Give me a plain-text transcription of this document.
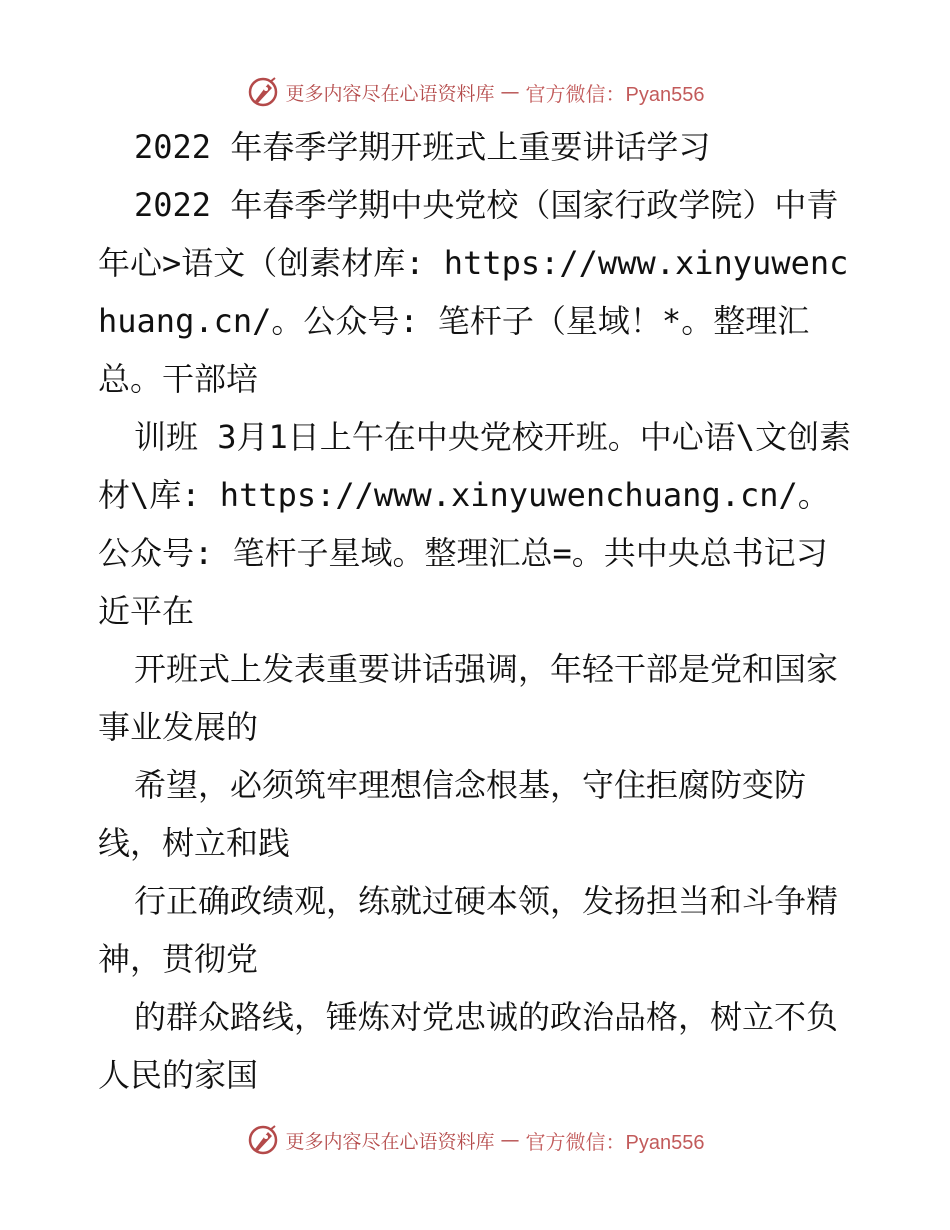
更多内容尽在心语资料库 — 官方微信：Pyan556

2022 年春季学期开班式上重要讲话学习

2022 年春季学期中央党校（国家行政学院）中青年心>语文（创素材库: https://www.xinyuwenchuang.cn/。公众号: 笔杆子（星域！*。整理汇总。干部培

训班 3月1日上午在中央党校开班。中心语\文创素材\库: https://www.xinyuwenchuang.cn/。公众号: 笔杆子星域。整理汇总=。共中央总书记习近平在

开班式上发表重要讲话强调，年轻干部是党和国家事业发展的

希望，必须筑牢理想信念根基，守住拒腐防变防线，树立和践

行正确政绩观，练就过硬本领，发扬担当和斗争精神，贯彻党

的群众路线，锤炼对党忠诚的政治品格，树立不负人民的家国

更多内容尽在心语资料库 — 官方微信：Pyan556
